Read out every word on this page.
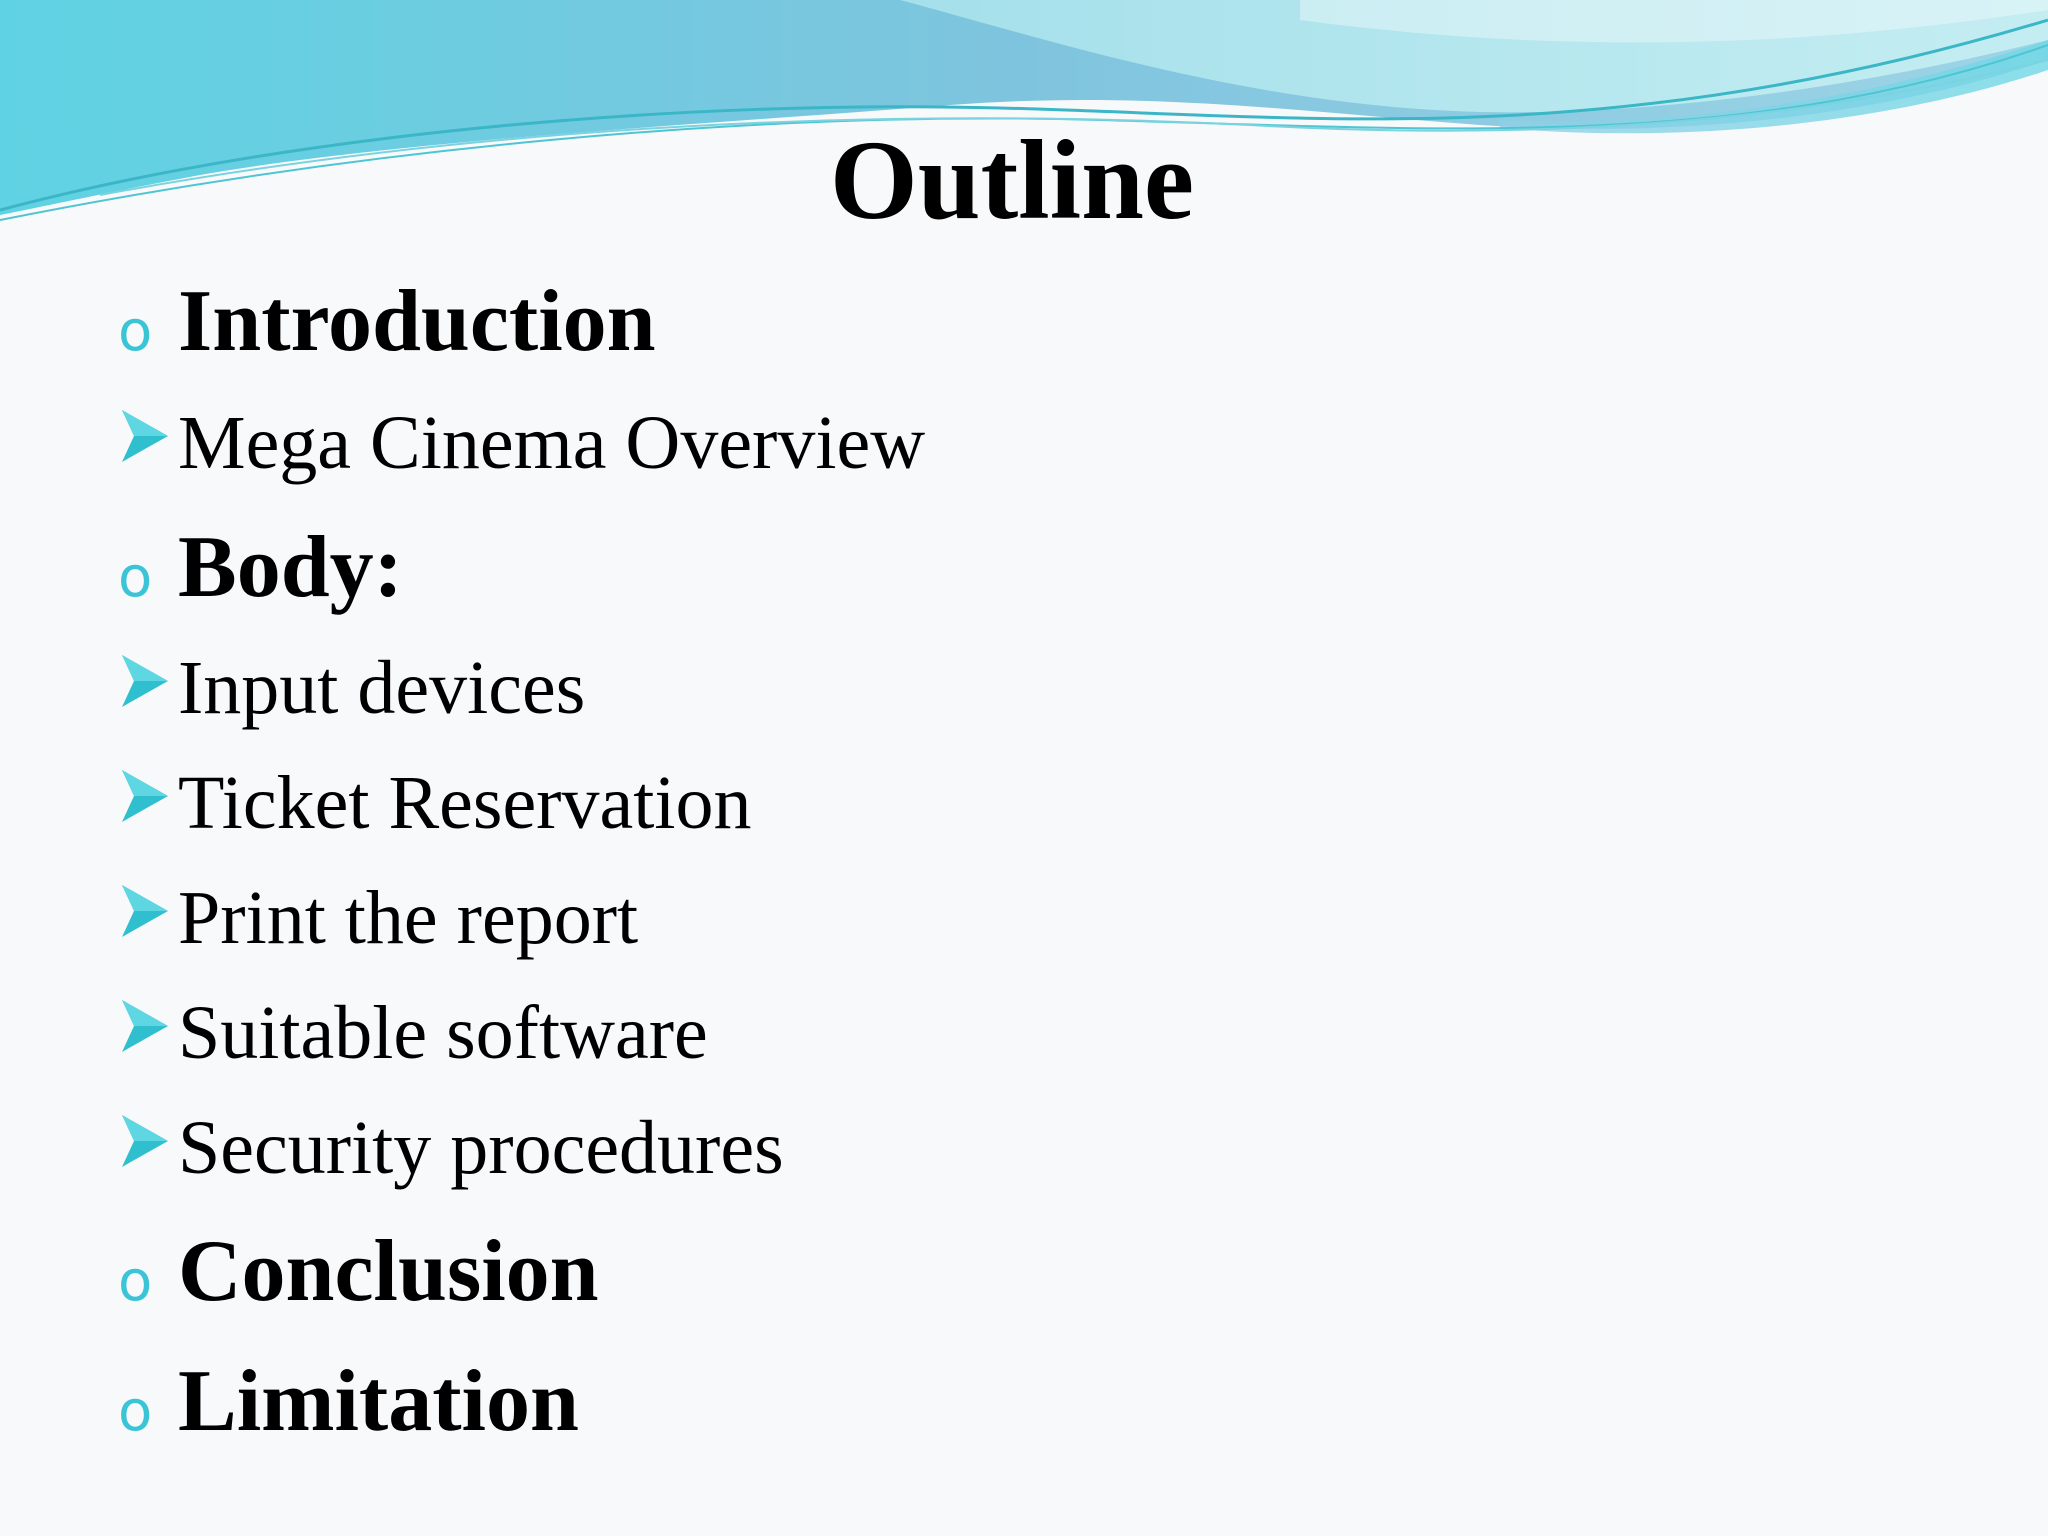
Outline
o Introduction
Mega Cinema Overview
o Body:
Input devices
Ticket Reservation
Print the report
Suitable software
Security procedures
o Conclusion
o Limitation
